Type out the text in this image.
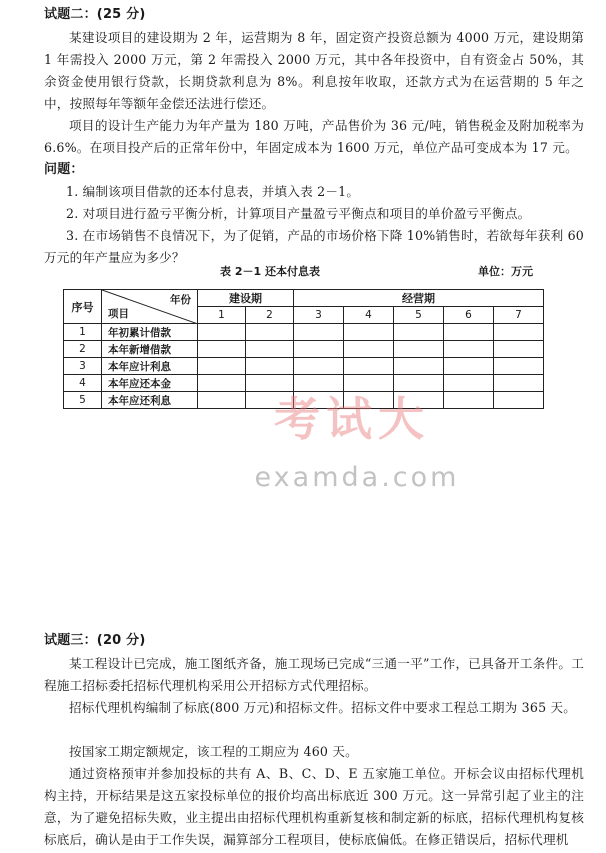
试题二：(25 分)

某建设项目的建设期为 2 年，运营期为 8 年，固定资产投资总额为 4000 万元，建设期第 1 年需投入 2000 万元，第 2 年需投入 2000 万元，其中各年投资中，自有资金占 50%，其余资金使用银行贷款，长期贷款利息为 8%。利息按年收取，还款方式为在运营期的 5 年之中，按照每年等额年金偿还法进行偿还。

项目的设计生产能力为年产量为 180 万吨，产品售价为 36 元/吨，销售税金及附加税率为 6.6%。在项目投产后的正常年份中，年固定成本为 1600 万元，单位产品可变成本为 17 元。

问题：

1. 编制该项目借款的还本付息表，并填入表 2－1。

2. 对项目进行盈亏平衡分析，计算项目产量盈亏平衡点和项目的单价盈亏平衡点。

3. 在市场销售不良情况下，为了促销，产品的市场价格下降 10%销售时，若欲每年获利 60 万元的年产量应为多少？

表 2－1 还本付息表	单位：万元
序号	年份
项目	建设期		经营期				
		1	2	3	4	5	6	7
1	年初累计借款							
2	本年新增借款							
3	本年应计利息							
4	本年应还本金							
5	本年应还利息								考试大
examda.com

试题三：(20 分)

某工程设计已完成，施工图纸齐备，施工现场已完成“三通一平”工作，已具备开工条件。工程施工招标委托招标代理机构采用公开招标方式代理招标。

招标代理机构编制了标底(800 万元)和招标文件。招标文件中要求工程总工期为 365 天。

按国家工期定额规定，该工程的工期应为 460 天。

通过资格预审并参加投标的共有 A、B、C、D、E 五家施工单位。开标会议由招标代理机构主持，开标结果是这五家投标单位的报价均高出标底近 300 万元。这一异常引起了业主的注意，为了避免招标失败，业主提出由招标代理机构重新复核和制定新的标底，招标代理机构复核标底后，确认是由于工作失误，漏算部分工程项目，使标底偏低。在修正错误后，招标代理机
